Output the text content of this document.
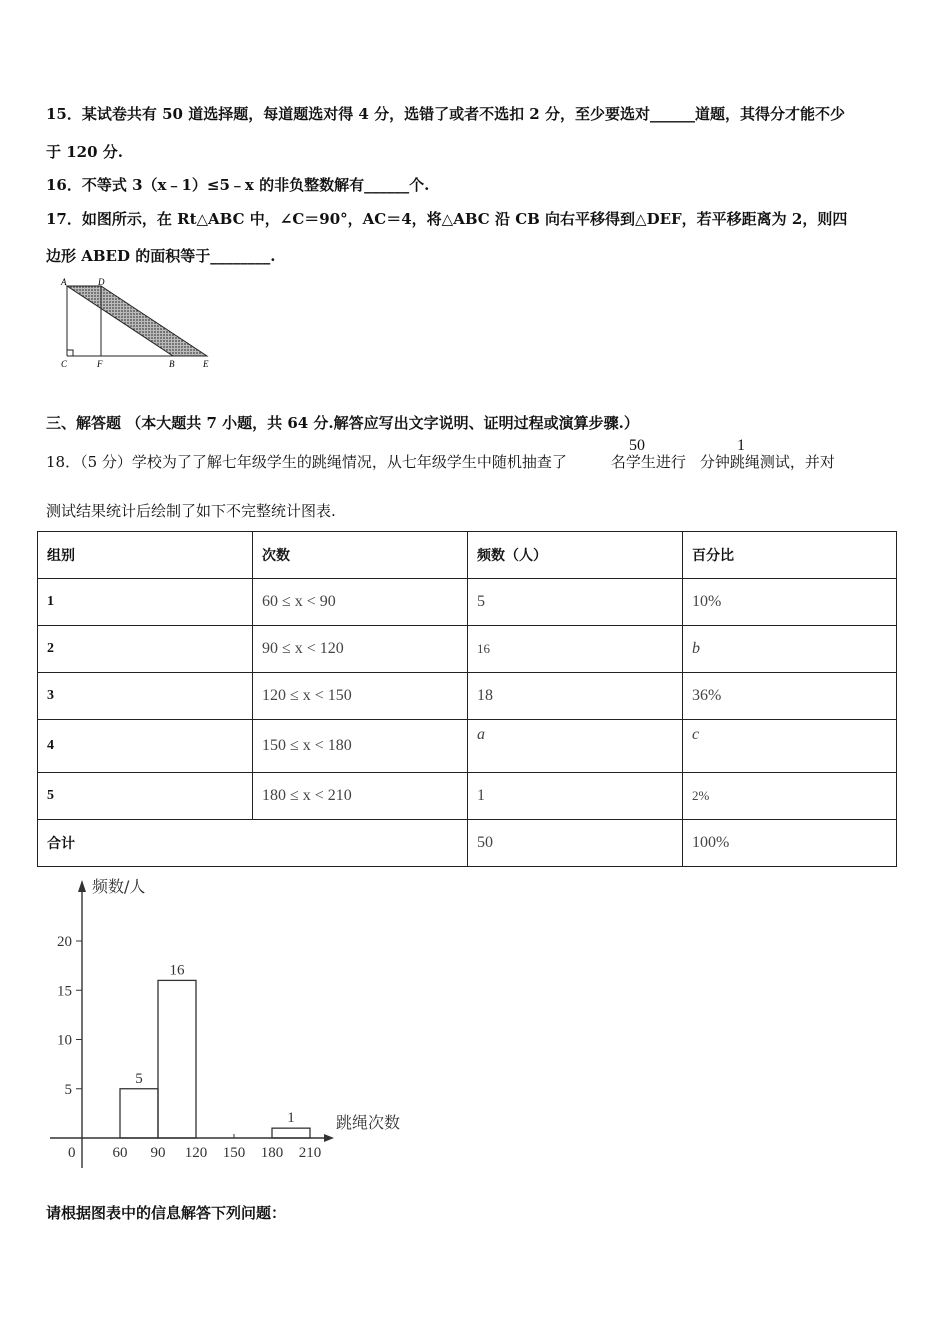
15．某试卷共有 50 道选择题，每道题选对得 4 分，选错了或者不选扣 2 分，至少要选对______道题，其得分才能不少
于 120 分.
16．不等式 3（x﹣1）≤5﹣x 的非负整数解有______个.
17．如图所示，在 Rt△ABC 中，∠C＝90°，AC＝4，将△ABC 沿 CB 向右平移得到△DEF，若平移距离为 2，则四
边形 ABED 的面积等于________.
A	D
C	F	B	E
三、解答题 （本大题共 7 小题，共 64 分.解答应写出文字说明、证明过程或演算步骤.）
18．（5 分）学校为了了解七年级学生的跳绳情况，从七年级学生中随机抽查了	名学生进行 分钟跳绳测试，并对
50	1
测试结果统计后绘制了如下不完整统计图表.
组别	次数	频数（人）	百分比
1	60 ≤ x < 90	5	10%
2	90 ≤ x < 120	16	b
3	120 ≤ x < 150	18	36%
4	150 ≤ x < 180	a	c
5	180 ≤ x < 210	1	2%
合计		50	100%
频数/人
跳绳次数
0
5
10
15
20
60 90 120 150 180 210
5
16
1
请根据图表中的信息解答下列问题：
